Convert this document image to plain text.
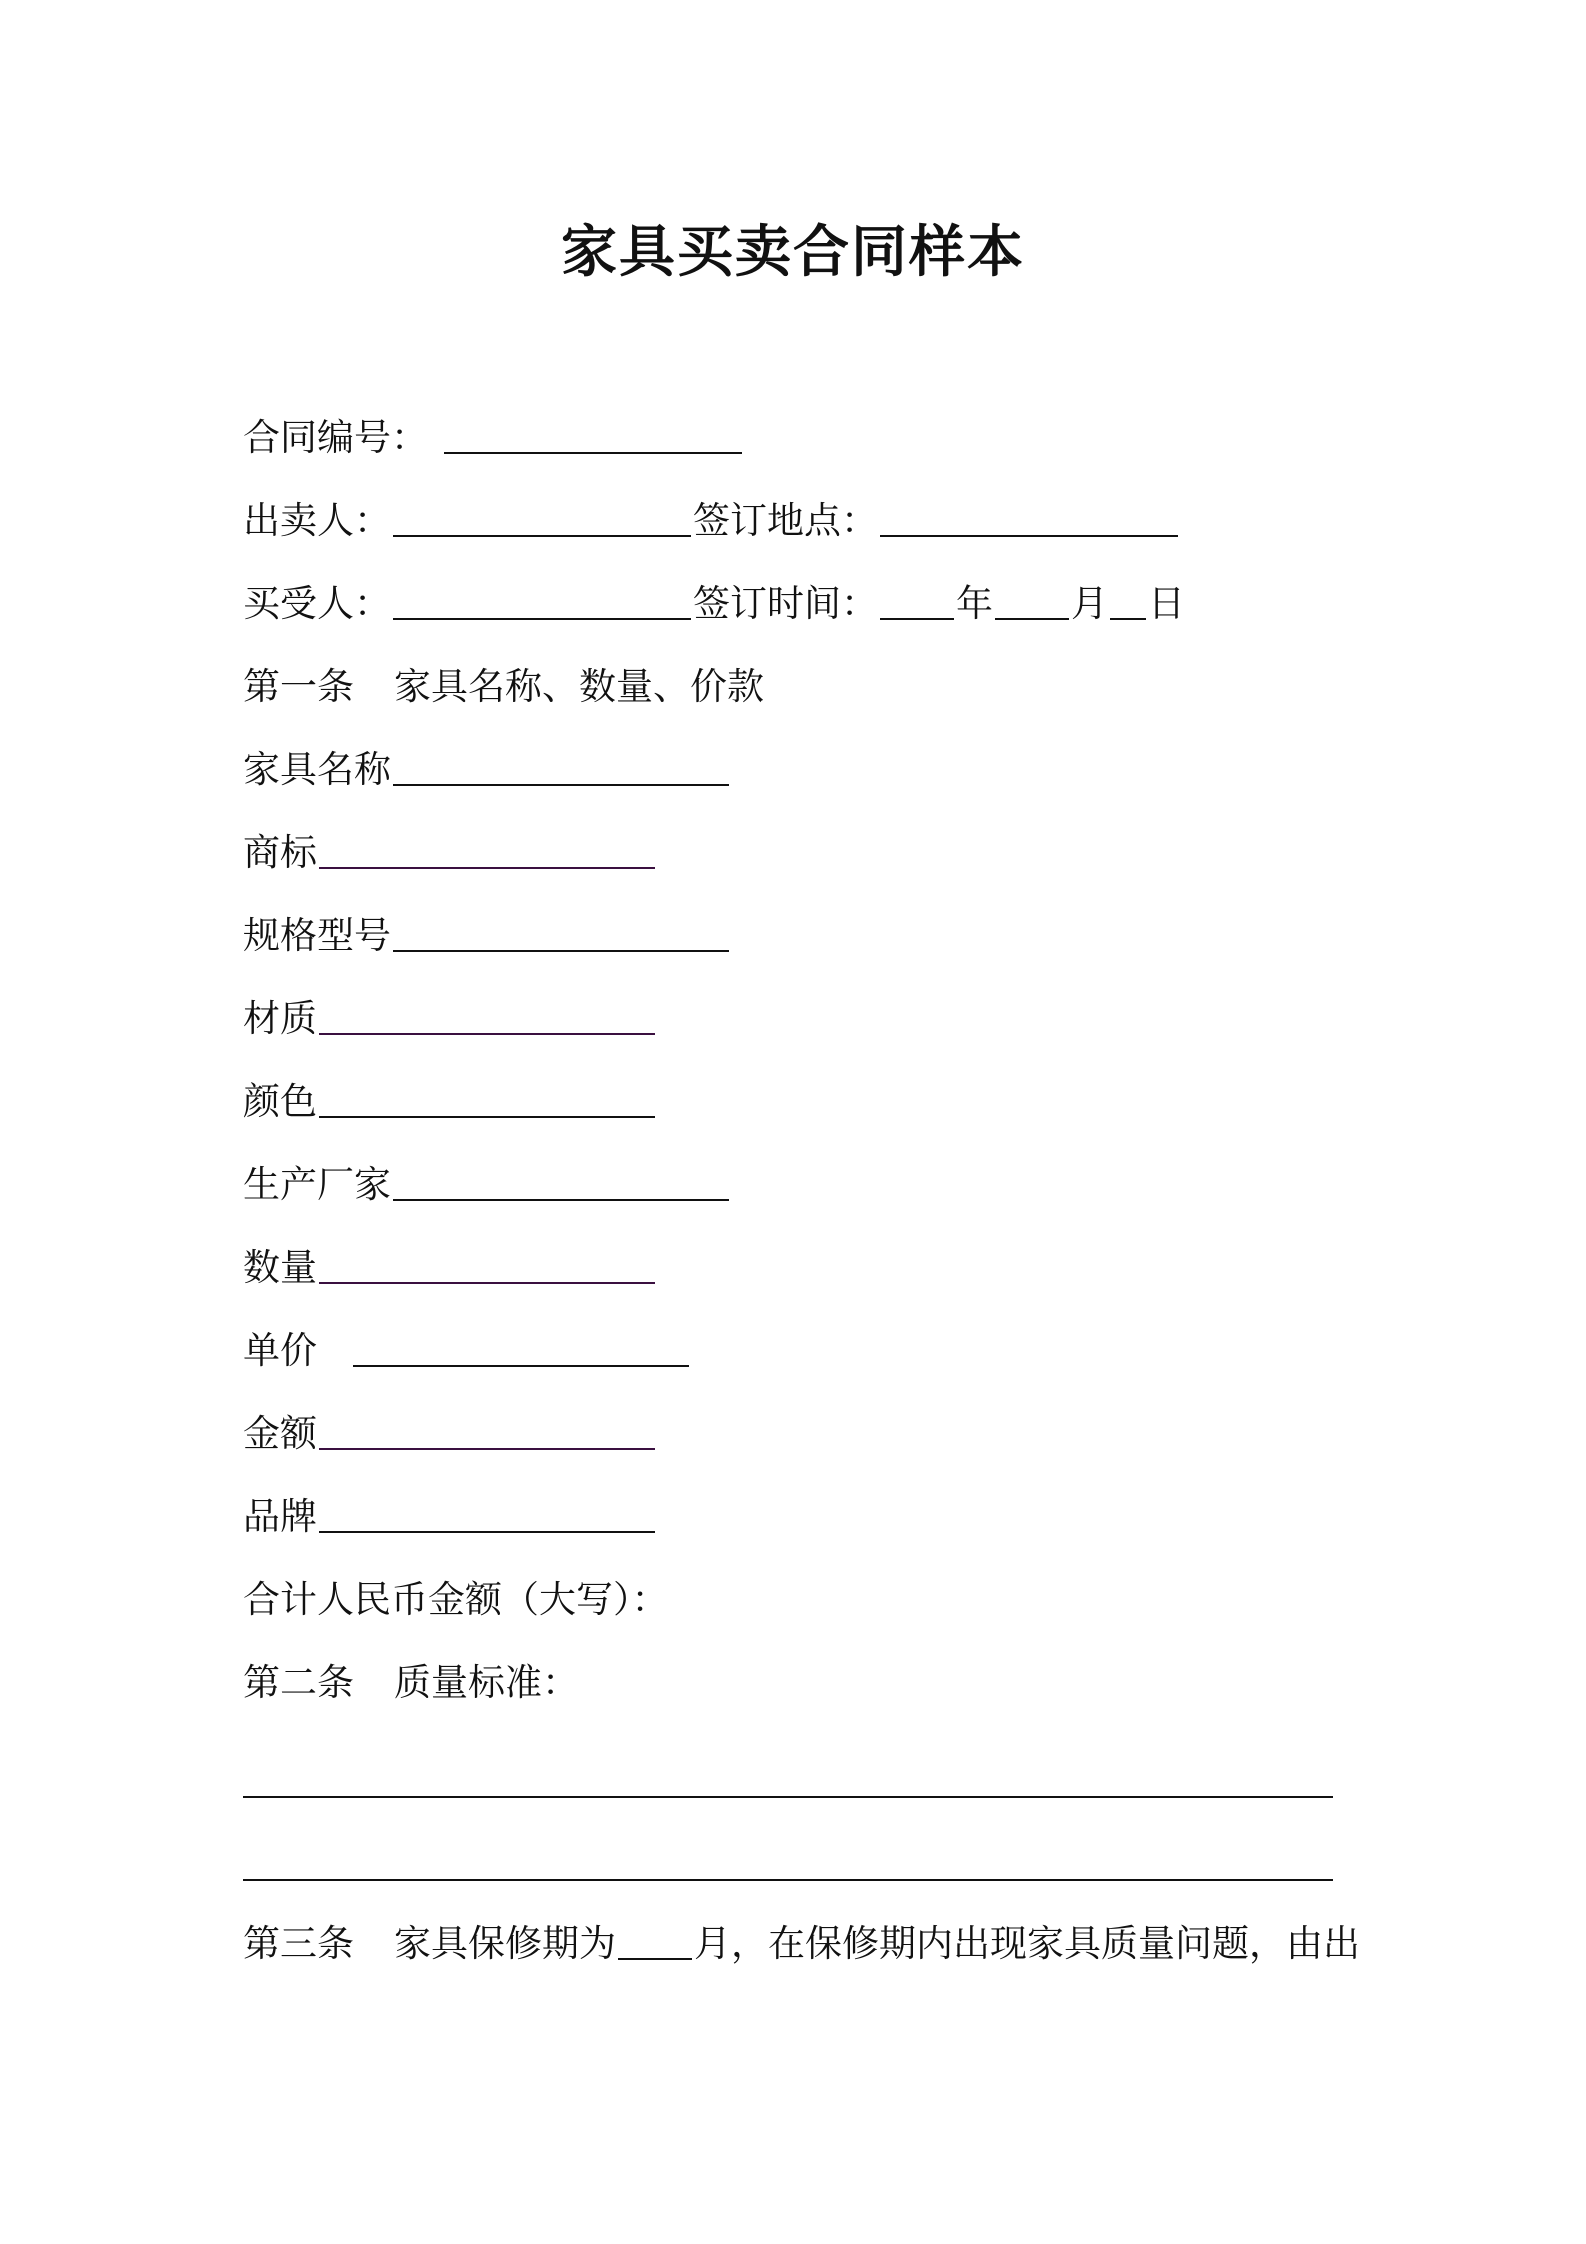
家具买卖合同样本
合同编号：
出卖人：	签订地点：
买受人：	签订时间： 年 月 日
第一条 家具名称、数量、价款
家具名称
商标
规格型号
材质
颜色
生产厂家
数量
单价
金额
品牌
合计人民币金额（大写）：
第二条 质量标准：
第三条 家具保修期为 月，在保修期内出现家具质量问题，由出
